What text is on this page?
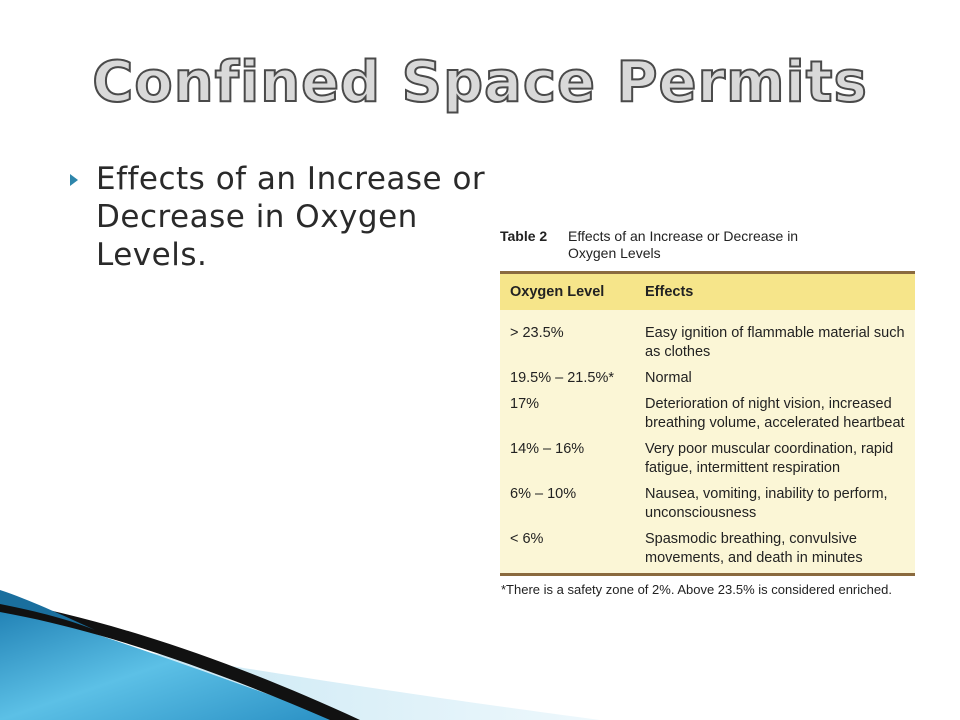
Confined Space Permits
Effects of an Increase or Decrease in Oxygen Levels.
Table 2	Effects of an Increase or Decrease in Oxygen Levels
Oxygen Level	Effects
> 23.5%	Easy ignition of flammable material such as clothes
19.5% – 21.5%*	Normal
17%	Deterioration of night vision, increased breathing volume, accelerated heartbeat
14% – 16%	Very poor muscular coordination, rapid fatigue, intermittent respiration
6% – 10%	Nausea, vomiting, inability to perform, unconsciousness
< 6%	Spasmodic breathing, convulsive movements, and death in minutes
*There is a safety zone of 2%. Above 23.5% is considered enriched.
